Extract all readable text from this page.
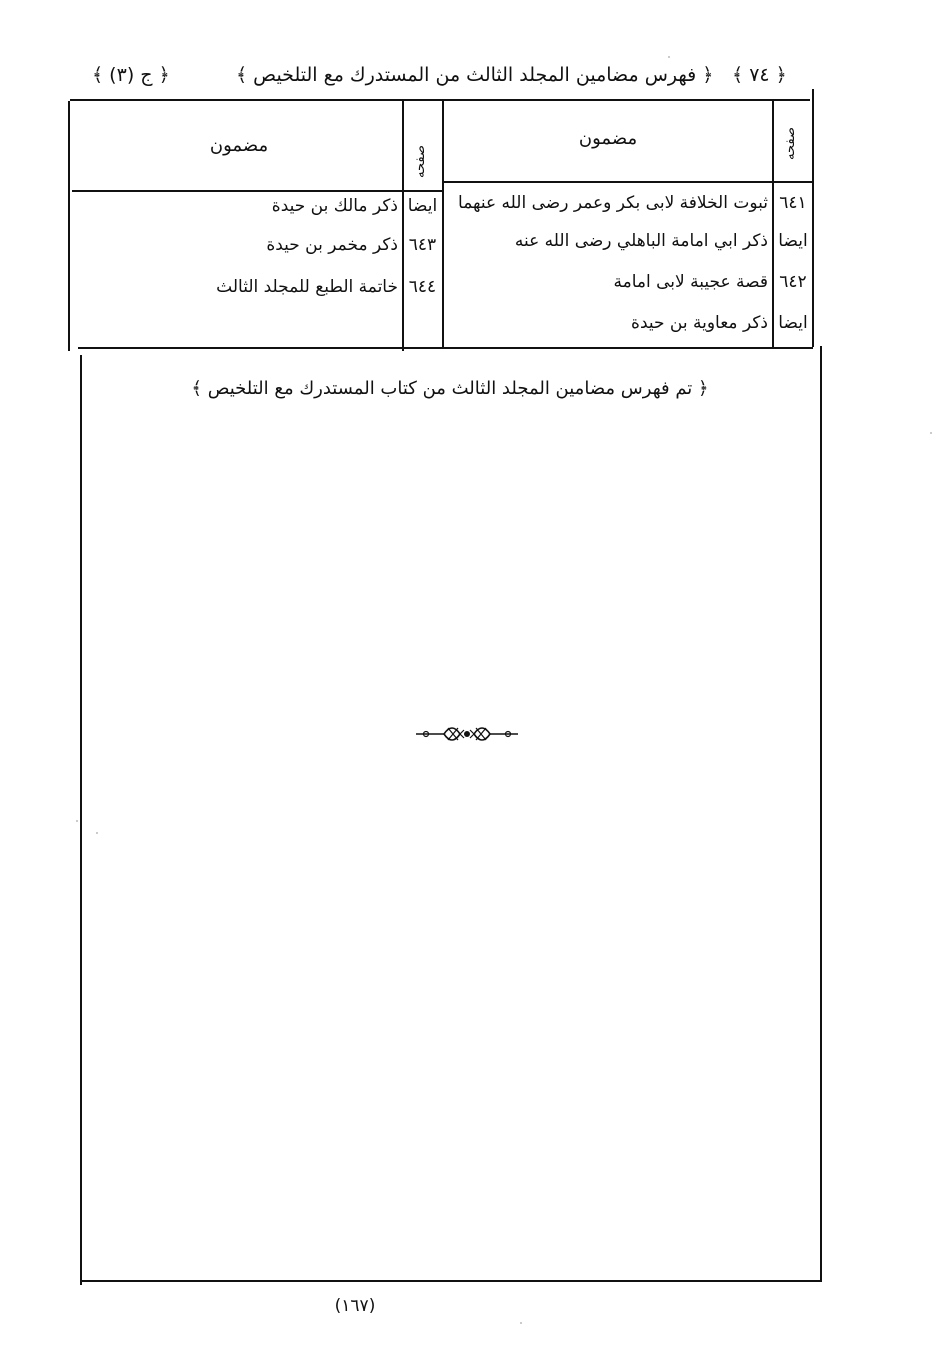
﴿ ٧٤ ﴾
﴿ فهرس مضامين المجلد الثالث من المستدرك مع التلخيص ﴾
﴿ ج (٣) ﴾
صفحه
مضمون
صفحه
مضمون
٦٤١
ثبوت الخلافة لابى بكر وعمر رضى الله عنهما
ايضا
ذكر ابي امامة الباهلي رضى الله عنه
٦٤٢
قصة عجيبة لابى امامة
ايضا
ذكر معاوية بن حيدة
ايضا
ذكر مالك بن حيدة
٦٤٣
ذكر مخمر بن حيدة
٦٤٤
خاتمة الطبع للمجلد الثالث
﴿ تم فهرس مضامين المجلد الثالث من كتاب المستدرك مع التلخيص ﴾
(١٦٧)
